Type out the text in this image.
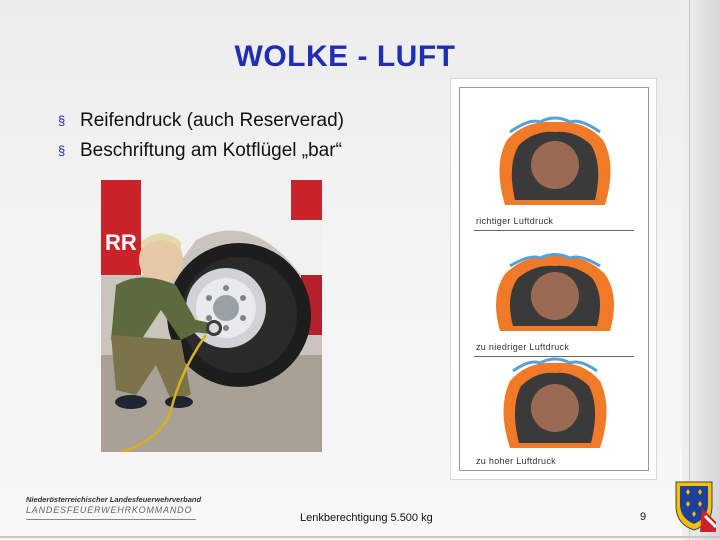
WOLKE - LUFT
§ Reifendruck (auch Reserverad)
§ Beschriftung am Kotflügel „bar“
RR
richtiger Luftdruck
zu niedriger Luftdruck
zu hoher Luftdruck
Niederösterreichischer Landesfeuerwehrverband
LANDESFEUERWEHRKOMMANDO
Lenkberechtigung 5.500 kg	9
